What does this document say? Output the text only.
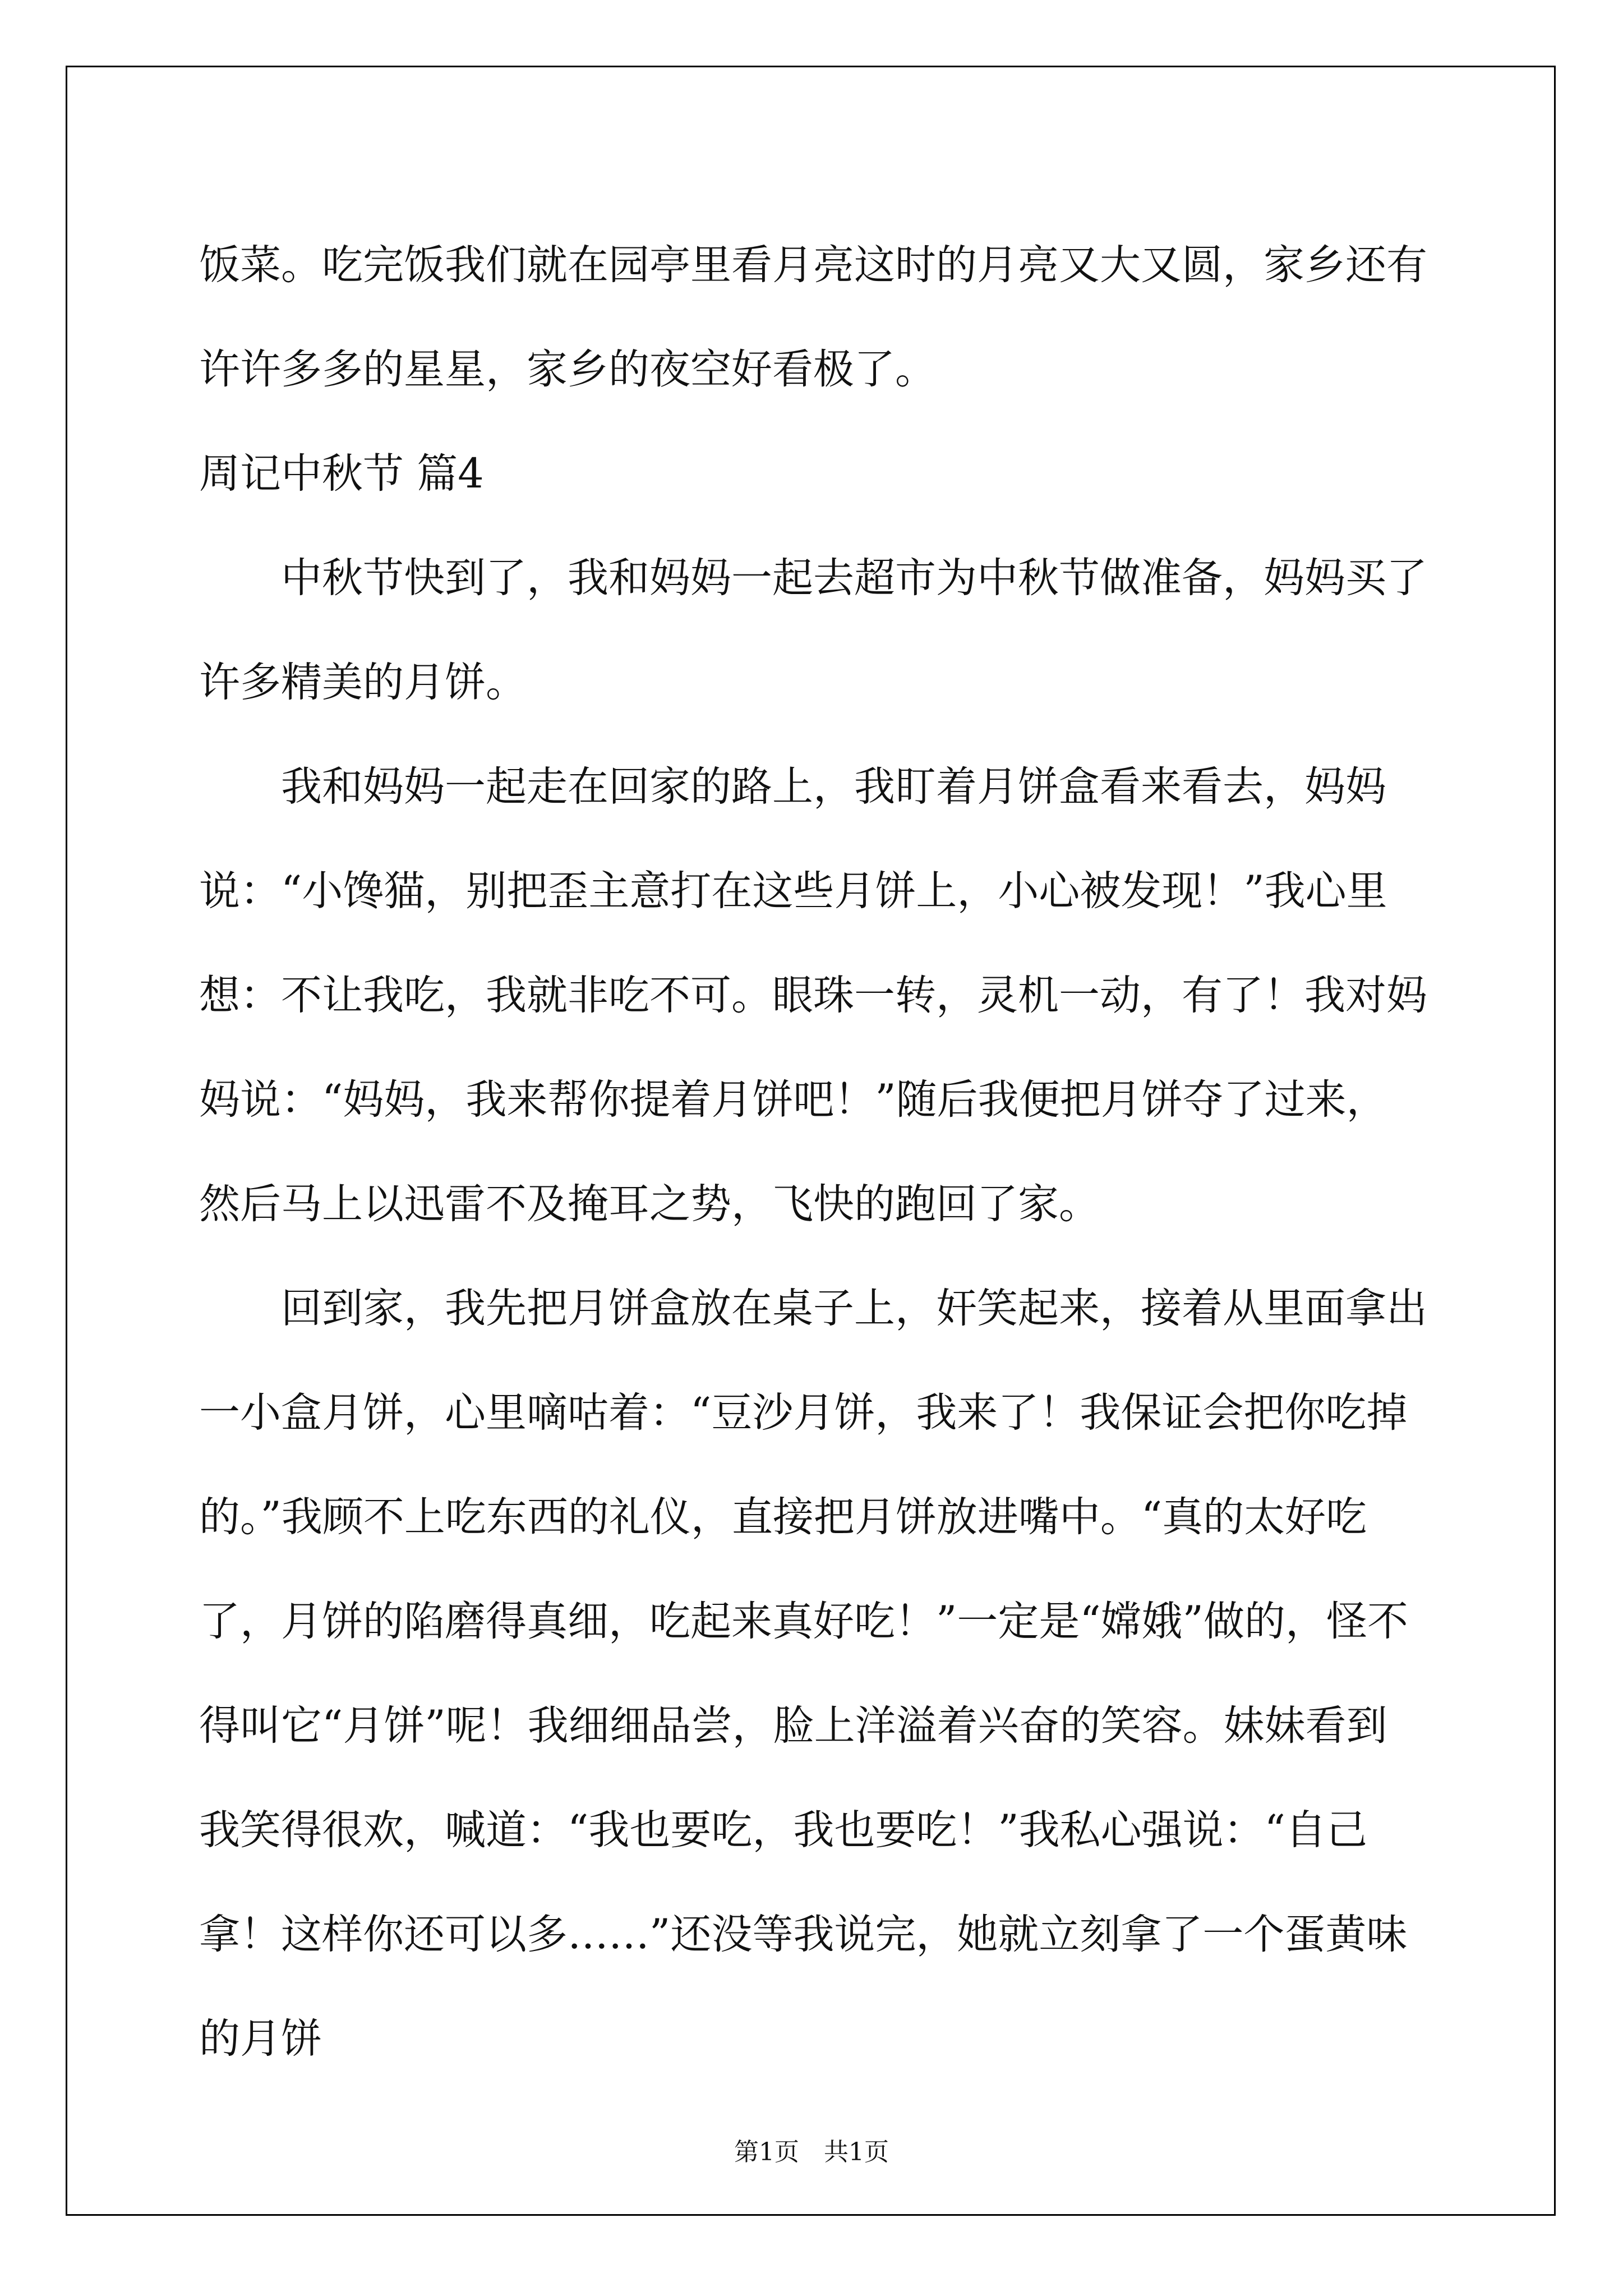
饭菜。吃完饭我们就在园亭里看月亮这时的月亮又大又圆，家乡还有许许多多的星星，家乡的夜空好看极了。

周记中秋节 篇4

中秋节快到了，我和妈妈一起去超市为中秋节做准备，妈妈买了许多精美的月饼。

我和妈妈一起走在回家的路上，我盯着月饼盒看来看去，妈妈说：“小馋猫，别把歪主意打在这些月饼上，小心被发现！”我心里想：不让我吃，我就非吃不可。眼珠一转，灵机一动，有了！我对妈妈说：“妈妈，我来帮你提着月饼吧！”随后我便把月饼夺了过来，然后马上以迅雷不及掩耳之势，飞快的跑回了家。

回到家，我先把月饼盒放在桌子上，奸笑起来，接着从里面拿出一小盒月饼，心里嘀咕着：“豆沙月饼，我来了！我保证会把你吃掉的。”我顾不上吃东西的礼仪，直接把月饼放进嘴中。“真的太好吃了，月饼的陷磨得真细，吃起来真好吃！”一定是“嫦娥”做的，怪不得叫它“月饼”呢！我细细品尝，脸上洋溢着兴奋的笑容。妹妹看到我笑得很欢，喊道：“我也要吃，我也要吃！”我私心强说：“自己拿！这样你还可以多……”还没等我说完，她就立刻拿了一个蛋黄味的月饼

第1页　共1页
